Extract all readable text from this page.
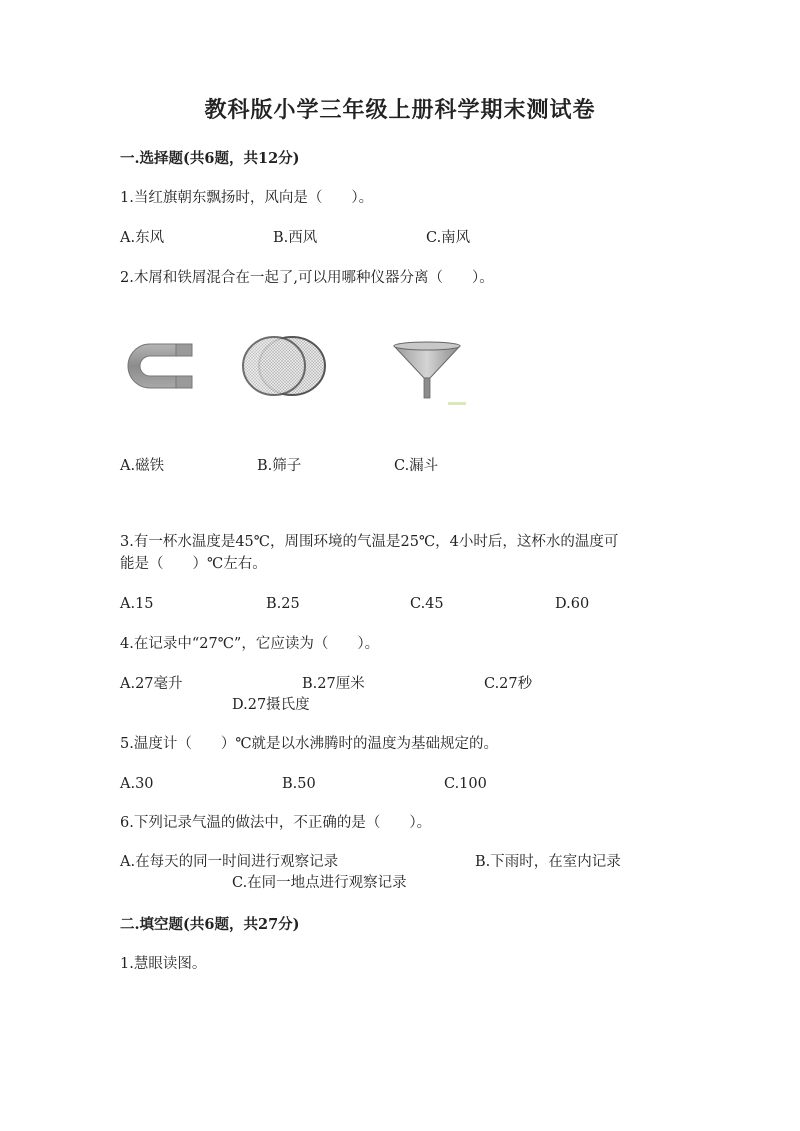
教科版小学三年级上册科学期末测试卷
一.选择题(共6题，共12分)
1.当红旗朝东飘扬时，风向是（　　）。
A.东风	B.西风	C.南风
2.木屑和铁屑混合在一起了,可以用哪种仪器分离（　　）。
A.磁铁	B.筛子	C.漏斗
3.有一杯水温度是45℃，周围环境的气温是25℃，4小时后，这杯水的温度可
能是（　　）℃左右。
A.15	B.25	C.45	D.60
4.在记录中“27℃”，它应读为（　　）。
A.27毫升	B.27厘米	C.27秒
D.27摄氏度
5.温度计（　　）℃就是以水沸腾时的温度为基础规定的。
A.30	B.50	C.100
6.下列记录气温的做法中，不正确的是（　　）。
A.在每天的同一时间进行观察记录	B.下雨时，在室内记录
C.在同一地点进行观察记录
二.填空题(共6题，共27分)
1.慧眼读图。
